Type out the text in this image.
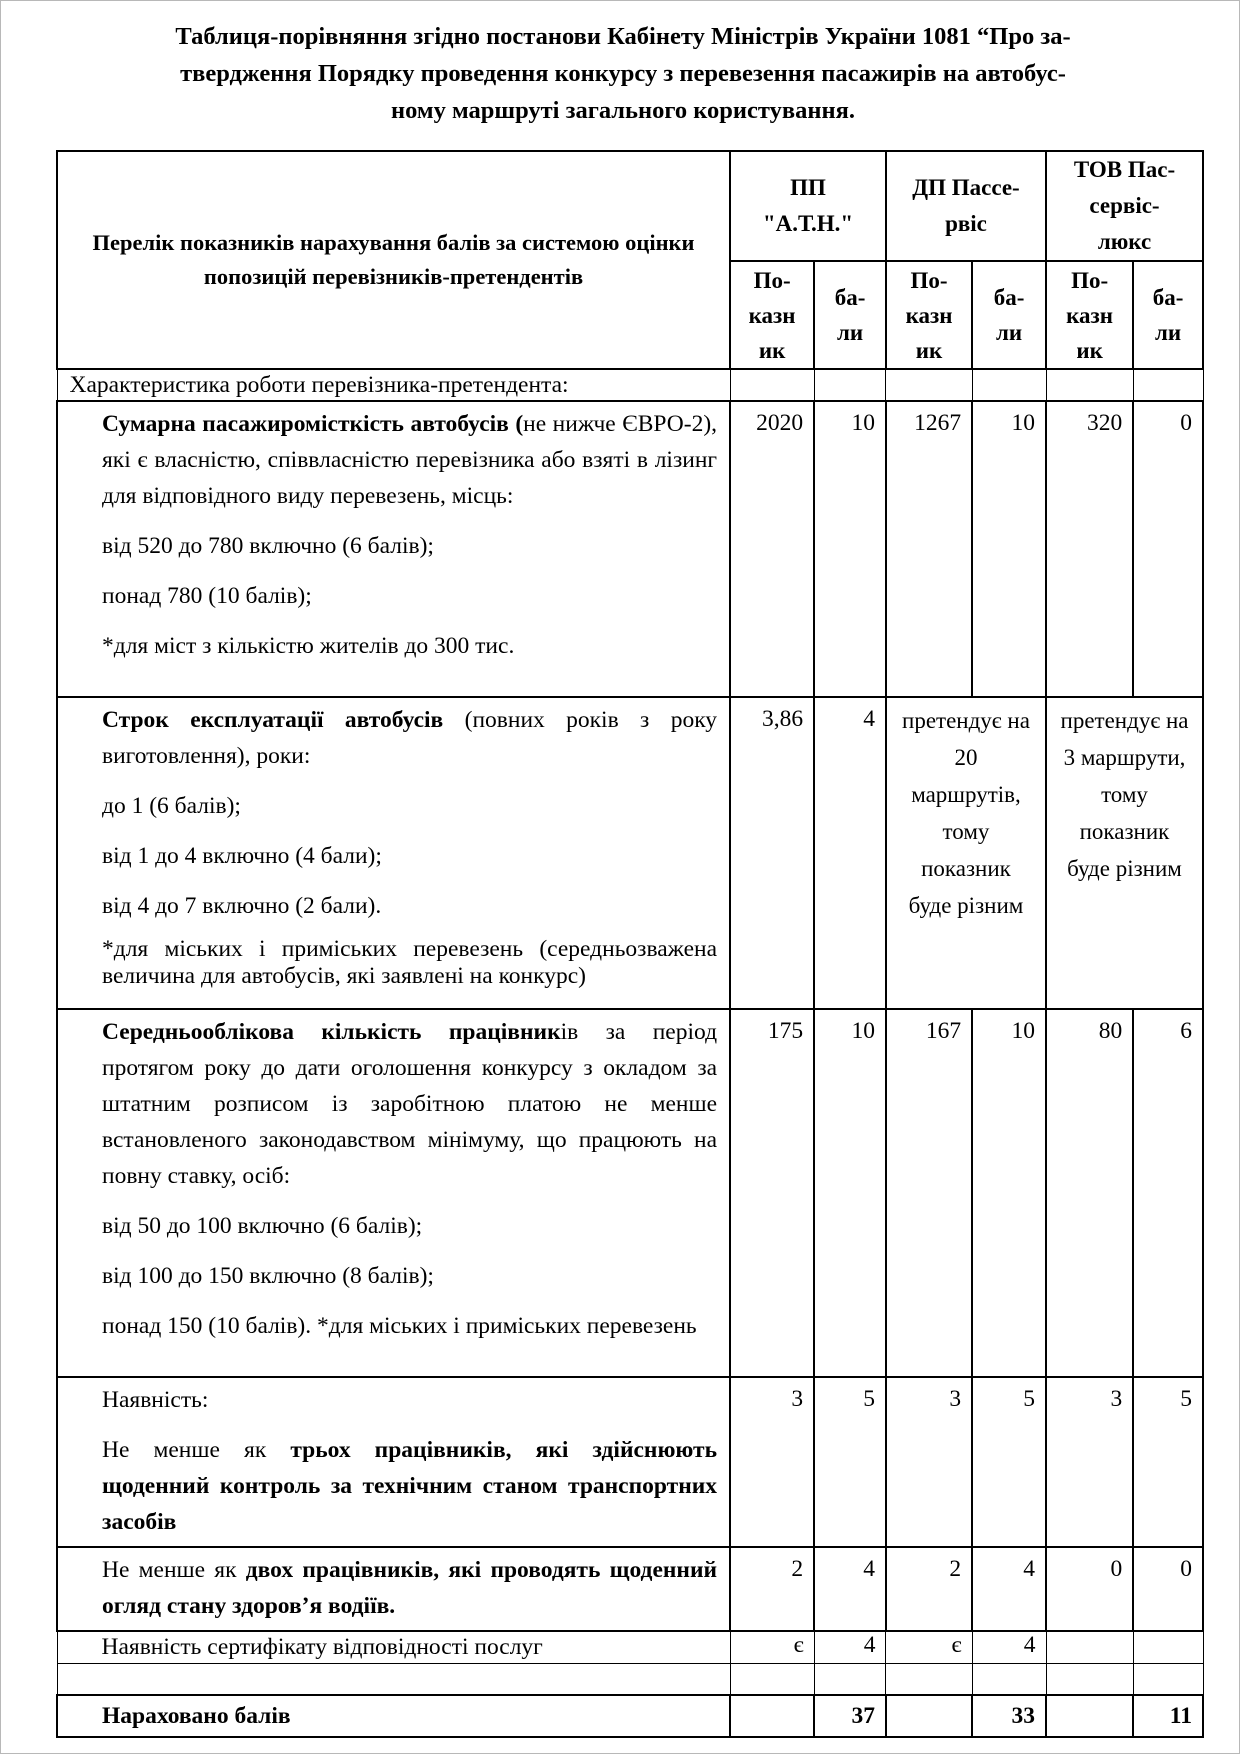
Таблиця-порівняння згідно постанови Кабінету Міністрів України 1081 “Про за-
твердження Порядку проведення конкурсу з перевезення пасажирів на автобус-
ному маршруті загального користування.
Перелік показників нарахування балів за системою оцінки попозицій перевізників-претендентів	ПП "А.Т.Н."		ДП Пассе-рвіс		ТОВ Пас-сервіс-люкс	

	По-казн ик	ба-ли	По-казн ик	ба-ли	По-казн ик	ба-ли

Характеристика роботи перевізника-претендента:						

Сумарна пасажиромісткість автобусів (не нижче ЄВРО-2), які є власністю, співвласністю перевізника або взяті в лізинг для відповідного виду перевезень, місць:

від 520 до 780 включно (6 балів);

понад 780 (10 балів);

*для міст з кількістю жителів до 300 тис.	2020	10	1267	10	320	0

Строк експлуатації автобусів (повних років з року виготовлення), роки:

до 1 (6 балів);

від 1 до 4 включно (4 бали);

від 4 до 7 включно (2 бали).

*для міських і приміських перевезень (середньозважена величина для автобусів, які заявлені на конкурс)	3,86	4	претендує на 20 маршрутів, тому показник буде різним		претендує на 3 маршрути, тому показник буде різним	

Середньооблікова кількість працівників за період протягом року до дати оголошення конкурсу з окладом за штатним розписом із заробітною платою не менше встановленого законодавством мінімуму, що працюють на повну ставку, осіб:

від 50 до 100 включно (6 балів);

від 100 до 150 включно (8 балів);

понад 150 (10 балів). *для міських і приміських перевезень	175	10	167	10	80	6

Наявність:

Не менше як трьох працівників, які здійснюють щоденний контроль за технічним станом транспортних засобів	3	5	3	5	3	5

Не менше як двох працівників, які проводять щоденний огляд стану здоров’я водіїв.	2	4	2	4	0	0
Наявність сертифікату відповідності послуг	є	4	є	4		

Нараховано балів		37		33		11
